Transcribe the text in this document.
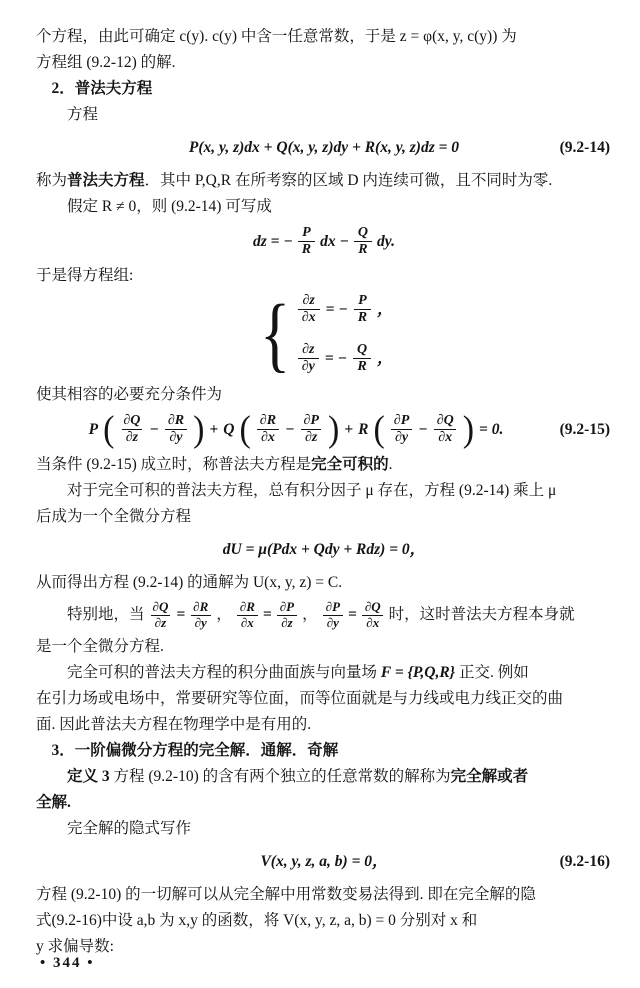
个方程，由此可确定 c(y). c(y) 中含一任意常数，于是 z = φ(x, y, c(y)) 为

方程组 (9.2-12) 的解.

2．普法夫方程

方程

P(x, y, z)dx + Q(x, y, z)dy + R(x, y, z)dz = 0	(9.2-14)

称为普法夫方程．其中 P,Q,R 在所考察的区域 D 内连续可微，且不同时为零.

假定 R ≠ 0，则 (9.2-14) 可写成

dz = − $\frac{P}{R}$ dx − $\frac{Q}{R}$ dy.

于是得方程组:

{ $\frac{\partial z}{\partial x}$ = − $\frac{P}{R}$ ，
$\frac{\partial z}{\partial y}$ = − $\frac{Q}{R}$ ，

使其相容的必要充分条件为

P ( $\frac{\partial Q}{\partial z} - \frac{\partial R}{\partial y}$ ) + Q ( $\frac{\partial R}{\partial x} - \frac{\partial P}{\partial z}$ ) + R ( $\frac{\partial P}{\partial y} - \frac{\partial Q}{\partial x}$ ) = 0.	(9.2-15)

当条件 (9.2-15) 成立时，称普法夫方程是完全可积的.

对于完全可积的普法夫方程，总有积分因子 μ 存在，方程 (9.2-14) 乘上 μ

后成为一个全微分方程

dU = μ(Pdx + Qdy + Rdz) = 0，

从而得出方程 (9.2-14) 的通解为 U(x, y, z) = C.

特别地，当 $\frac{\partial Q}{\partial z} = \frac{\partial R}{\partial y}$ ， $\frac{\partial R}{\partial x} = \frac{\partial P}{\partial z}$ ， $\frac{\partial P}{\partial y} = \frac{\partial Q}{\partial x}$ 时，这时普法夫方程本身就

是一个全微分方程.

完全可积的普法夫方程的积分曲面族与向量场 F = {P,Q,R} 正交. 例如

在引力场或电场中，常要研究等位面，而等位面就是与力线或电力线正交的曲

面. 因此普法夫方程在物理学中是有用的.

3．一阶偏微分方程的完全解．通解．奇解

定义 3 方程 (9.2-10) 的含有两个独立的任意常数的解称为完全解或者

全解.

完全解的隐式写作

V(x, y, z, a, b) = 0，	(9.2-16)

方程 (9.2-10) 的一切解可以从完全解中用常数变易法得到. 即在完全解的隐

式(9.2-16)中设 a,b 为 x,y 的函数，将 V(x, y, z, a, b) = 0 分别对 x 和

y 求偏导数:

• 344 •
